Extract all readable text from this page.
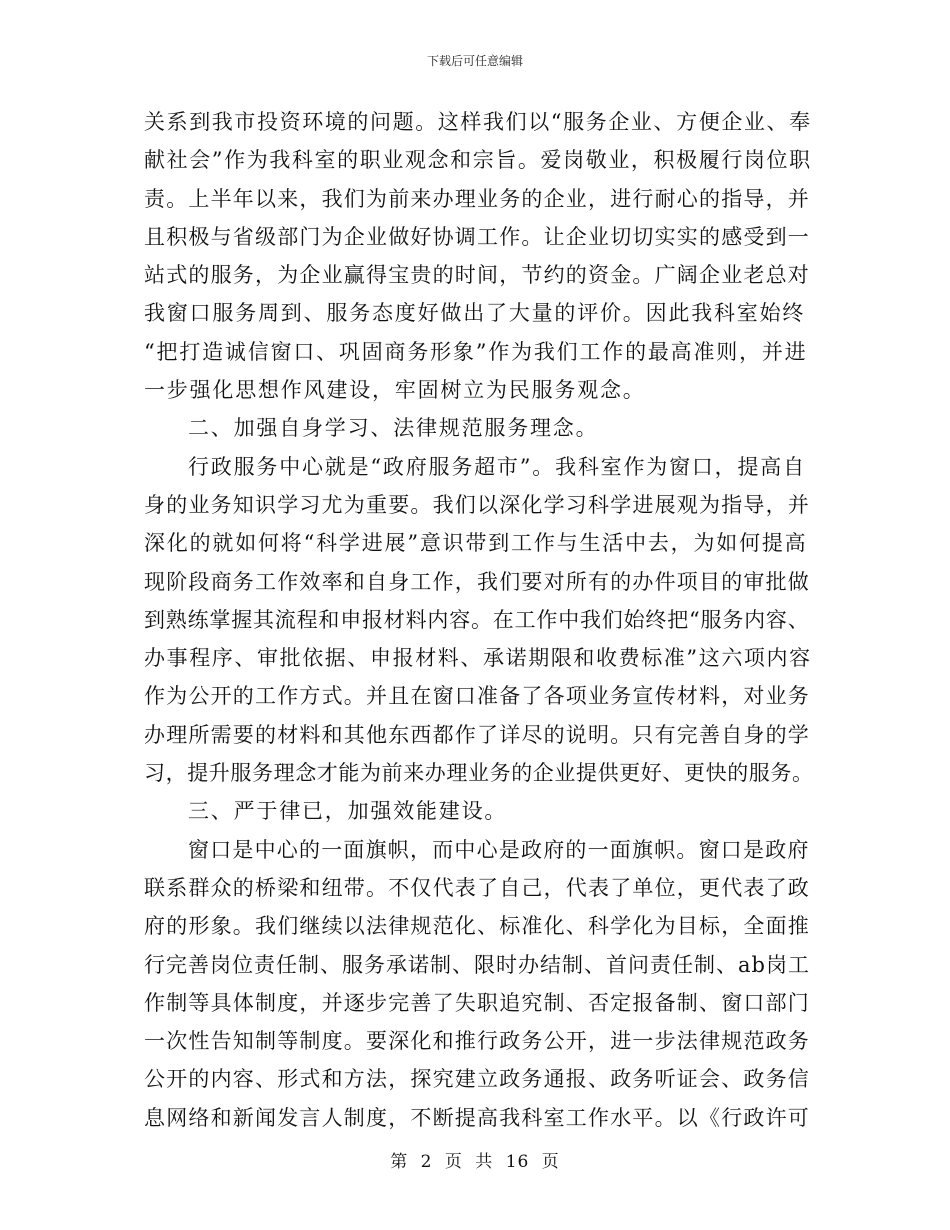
下载后可任意编辑
关系到我市投资环境的问题。这样我们以“服务企业、方便企业、奉
献社会”作为我科室的职业观念和宗旨。爱岗敬业，积极履行岗位职
责。上半年以来，我们为前来办理业务的企业，进行耐心的指导，并
且积极与省级部门为企业做好协调工作。让企业切切实实的感受到一
站式的服务，为企业赢得宝贵的时间，节约的资金。广阔企业老总对
我窗口服务周到、服务态度好做出了大量的评价。因此我科室始终
“把打造诚信窗口、巩固商务形象”作为我们工作的最高准则，并进
一步强化思想作风建设，牢固树立为民服务观念。
二、加强自身学习、法律规范服务理念。
行政服务中心就是“政府服务超市”。我科室作为窗口，提高自
身的业务知识学习尤为重要。我们以深化学习科学进展观为指导，并
深化的就如何将“科学进展”意识带到工作与生活中去，为如何提高
现阶段商务工作效率和自身工作，我们要对所有的办件项目的审批做
到熟练掌握其流程和申报材料内容。在工作中我们始终把“服务内容、
办事程序、审批依据、申报材料、承诺期限和收费标准”这六项内容
作为公开的工作方式。并且在窗口准备了各项业务宣传材料，对业务
办理所需要的材料和其他东西都作了详尽的说明。只有完善自身的学
习，提升服务理念才能为前来办理业务的企业提供更好、更快的服务。
三、严于律已，加强效能建设。
窗口是中心的一面旗帜，而中心是政府的一面旗帜。窗口是政府
联系群众的桥梁和纽带。不仅代表了自己，代表了单位，更代表了政
府的形象。我们继续以法律规范化、标准化、科学化为目标，全面推
行完善岗位责任制、服务承诺制、限时办结制、首问责任制、ab岗工
作制等具体制度，并逐步完善了失职追究制、否定报备制、窗口部门
一次性告知制等制度。要深化和推行政务公开，进一步法律规范政务
公开的内容、形式和方法，探究建立政务通报、政务听证会、政务信
息网络和新闻发言人制度，不断提高我科室工作水平。以《行政许可
第 2 页 共 16 页
